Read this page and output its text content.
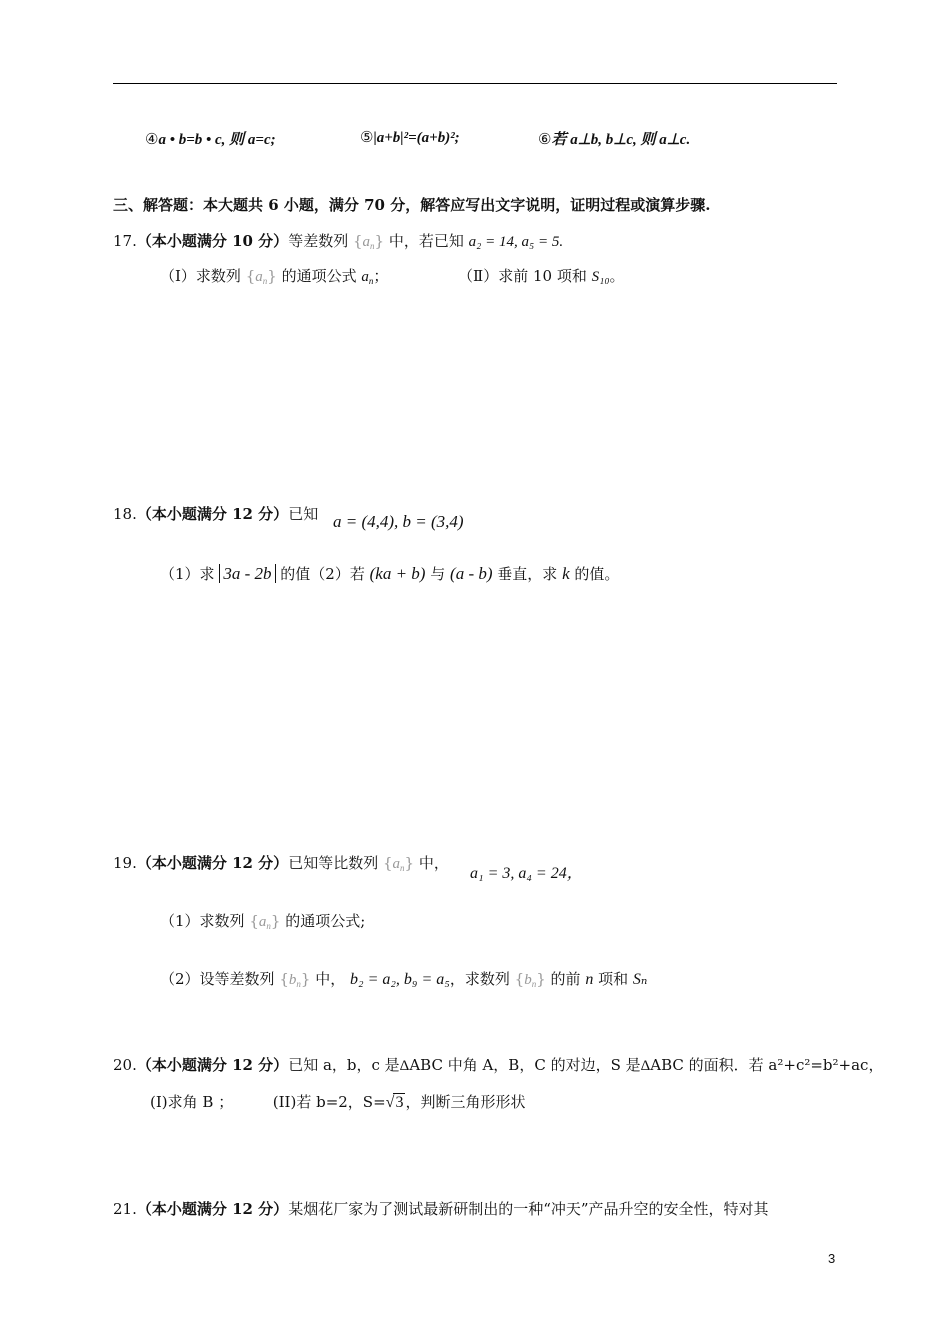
④a • b=b • c, 则 a=c;	⑤|a+b|²=(a+b)²;	⑥若 a⊥b, b⊥c, 则 a⊥c.
三、解答题：本大题共 6 小题，满分 70 分，解答应写出文字说明，证明过程或演算步骤.
17.（本小题满分 10 分）等差数列 $\{a_n\}$ 中，若已知 a₂ = 14, a₅ = 5.
（Ⅰ）求数列 $\{a_n\}$ 的通项公式 $a_n$；	（Ⅱ）求前 10 项和 S₁₀。
18.（本小题满分 12 分）已知 a = (4,4), b = (3,4)
（1）求 3a - 2b 的值（2）若 (ka + b) 与 (a - b) 垂直，求 k 的值。
19.（本小题满分 12 分）已知等比数列 $\{a_n\}$ 中，
a₁ = 3, a₄ = 24，
（1）求数列 $\{a_n\}$ 的通项公式;
（2）设等差数列 $\{b_n\}$ 中， b₂ = a₂, b₉ = a₅，求数列 $\{b_n\}$ 的前 n 项和 Sₙ
20.（本小题满分 12 分）已知 a，b，c 是ΔABC 中角 A，B，C 的对边，S 是ΔABC 的面积．若 a²+c²=b²+ac，
(I)求角 B ；	(II)若 b=2，S=√3 ，判断三角形形状
21.（本小题满分 12 分）某烟花厂家为了测试最新研制出的一种“冲天”产品升空的安全性，特对其
3
